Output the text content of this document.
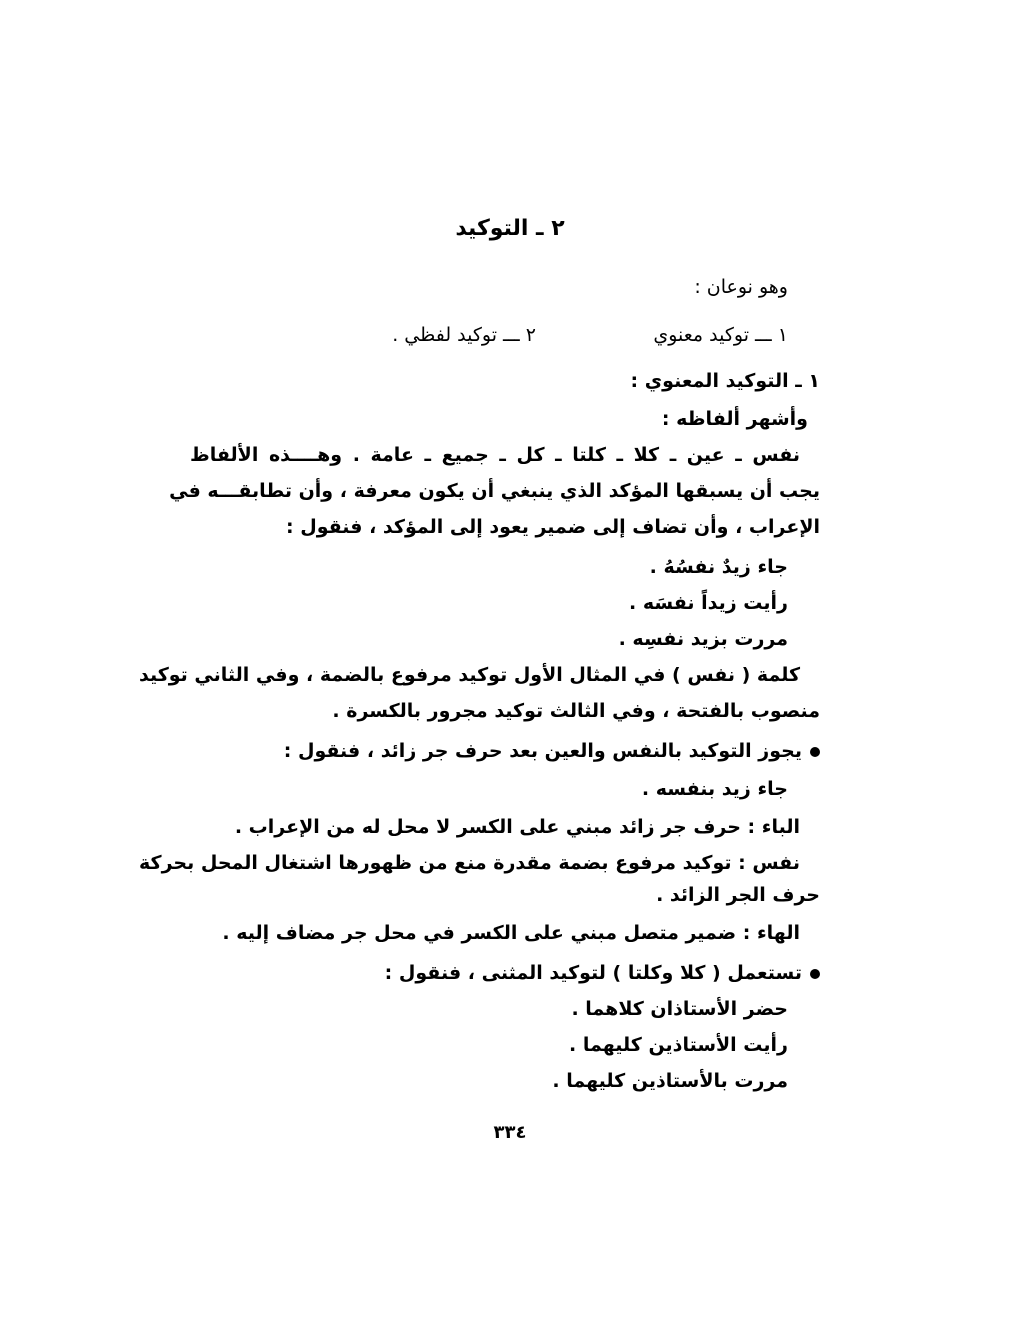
٢ ـ التوكيد
وهو نوعان :
١ ـــ توكيد معنوي
٢ ـــ توكيد لفظي .
١ ـ التوكيد المعنوي :
وأشهر ألفاظه :
نفس ـ عين ـ كلا ـ كلتا ـ كل ـ جميع ـ عامة . وهــــذه الألفاظ
يجب أن يسبقها المؤكد الذي ينبغي أن يكون معرفة ، وأن تطابقـــه في
الإعراب ، وأن تضاف إلى ضمير يعود إلى المؤكد ، فنقول :
جاء زيدٌ نفسُهُ .
رأيت زيداً نفسَه .
مررت بزيد نفسِه .
كلمة ( نفس ) في المثال الأول توكيد مرفوع بالضمة ، وفي الثاني توكيد
منصوب بالفتحة ، وفي الثالث توكيد مجرور بالكسرة .
يجوز التوكيد بالنفس والعين بعد حرف جر زائد ، فنقول :
جاء زيد بنفسه .
الباء : حرف جر زائد مبني على الكسر لا محل له من الإعراب .
نفس : توكيد مرفوع بضمة مقدرة منع من ظهورها اشتغال المحل بحركة
حرف الجر الزائد .
الهاء : ضمير متصل مبني على الكسر في محل جر مضاف إليه .
تستعمل ( كلا وكلتا ) لتوكيد المثنى ، فنقول :
حضر الأستاذان كلاهما .
رأيت الأستاذين كليهما .
مررت بالأستاذين كليهما .
٣٣٤
